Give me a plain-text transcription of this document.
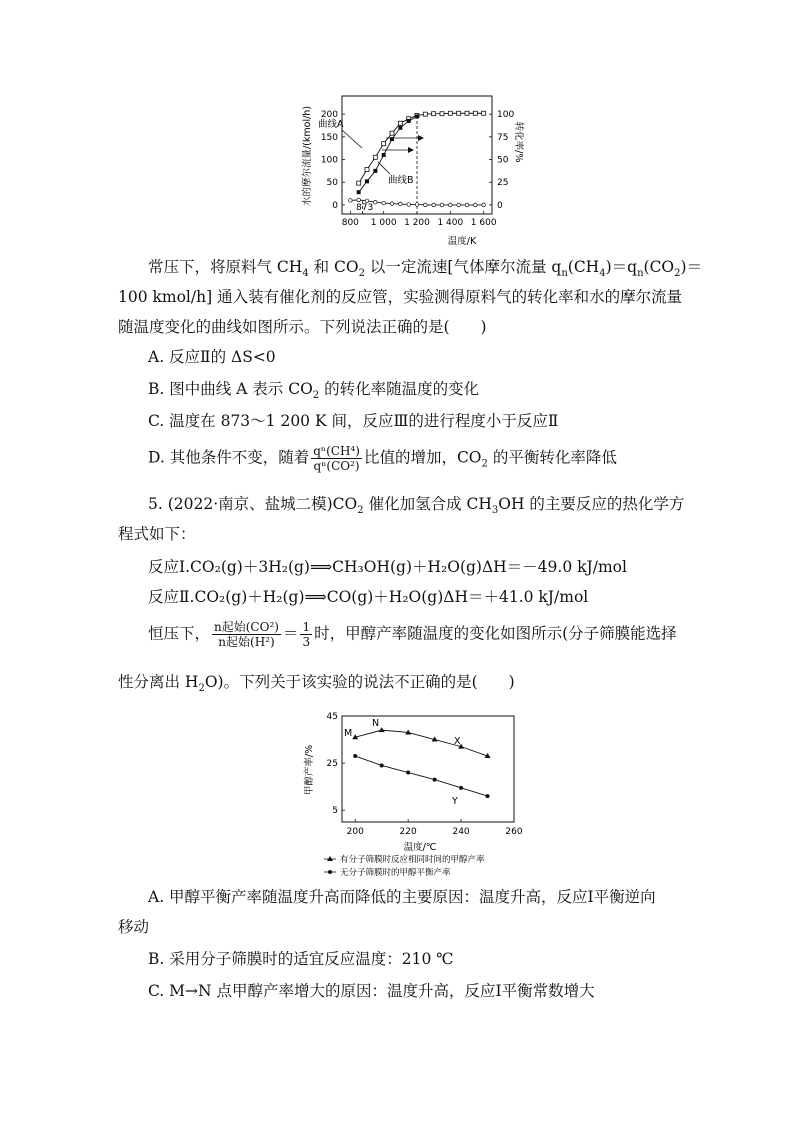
水的摩尔流量/(kmol/h)	转化率/%
温度/K
800 1 000 1 200 1 400 1 600
200	100
150	75
100	50
50	25
0	0
曲线A
曲线B
873
常压下，将原料气 $CH_4$ 和 $CO_2$ 以一定流速[气体摩尔流量 $q_n(CH_4)=q_n(CO_2)=$
100 kmol/h] 通入装有催化剂的反应管，实验测得原料气的转化率和水的摩尔流量
随温度变化的曲线如图所示。下列说法正确的是(　　)
A. 反应Ⅱ的 ΔS<0
B. 图中曲线 A 表示 $CO_2$ 的转化率随温度的变化
C. 温度在 873～1 200 K 间，反应Ⅲ的进行程度小于反应Ⅱ
D. 其他条件不变，随着 $\frac{\text{qⁿ(CH⁴)}}{\text{qⁿ(CO²)}}$ 比值的增加，$CO_2$ 的平衡转化率降低
5. (2022·南京、盐城二模)$CO_2$ 催化加氢合成 $CH_3OH$ 的主要反应的热化学方
程式如下：
反应Ⅰ.CO₂(g)＋3H₂(g)⟹CH₃OH(g)＋H₂O(g)ΔH＝－49.0 kJ/mol
反应Ⅱ.CO₂(g)＋H₂(g)⟹CO(g)＋H₂O(g)ΔH＝＋41.0 kJ/mol
恒压下， $\frac{\text{n起始(CO²)}}{\text{n起始(H²)}} = \frac{1}{3}$ 时，甲醇产率随温度的变化如图所示(分子筛膜能选择
性分离出 $H_2O$)。下列关于该实验的说法不正确的是(　　)
甲醇产率/%
温度/℃
200	220	240	260
45
25
5
M
N
X
Y
有分子筛膜时反应相同时间的甲醇产率
无分子筛膜时的甲醇平衡产率
A. 甲醇平衡产率随温度升高而降低的主要原因：温度升高，反应Ⅰ平衡逆向
移动
B. 采用分子筛膜时的适宜反应温度：210 ℃
C. M→N 点甲醇产率增大的原因：温度升高，反应Ⅰ平衡常数增大
